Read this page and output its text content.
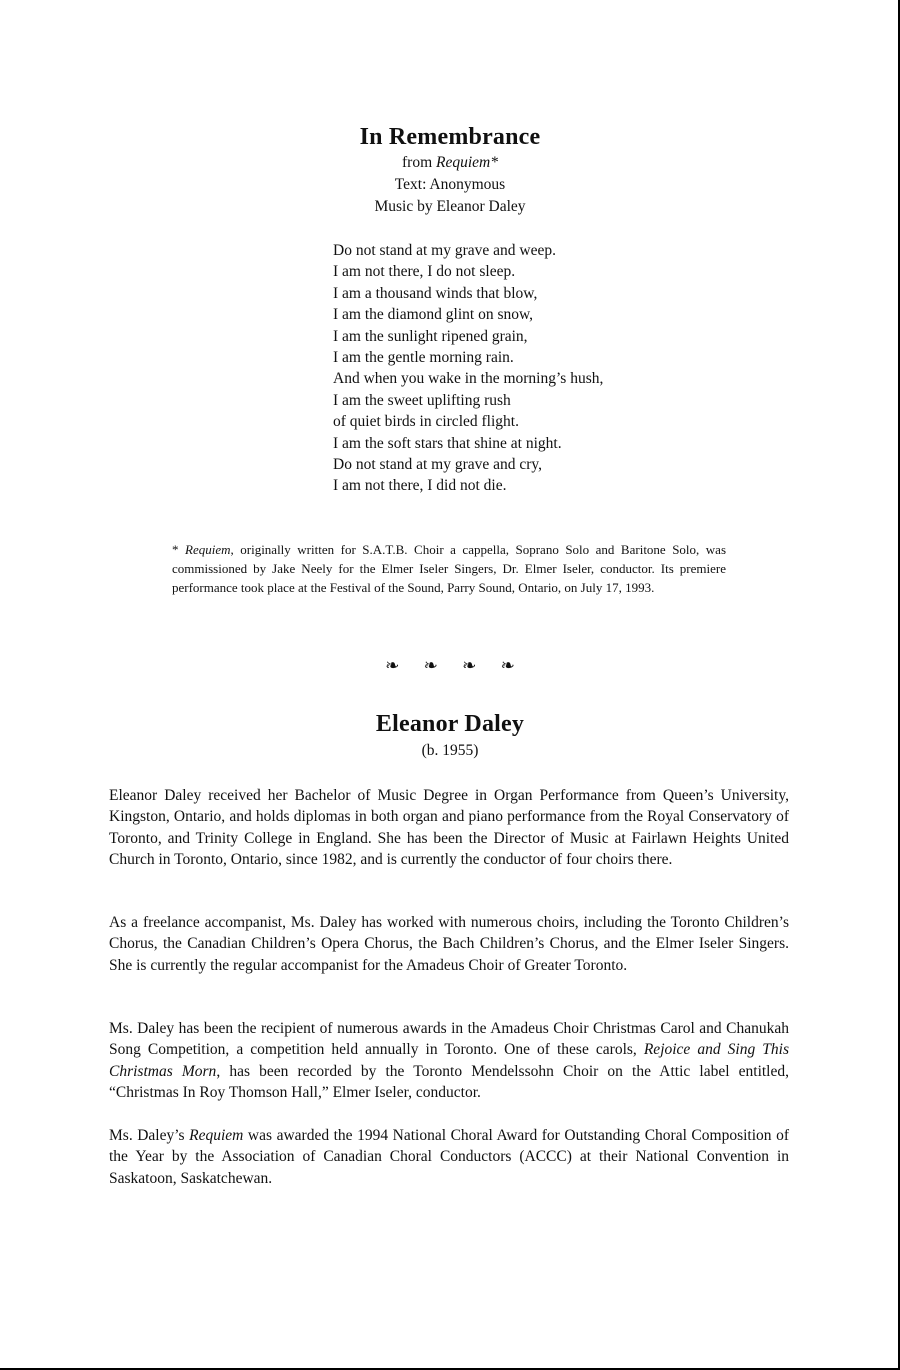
In Remembrance
from Requiem*
Text: Anonymous
Music by Eleanor Daley
Do not stand at my grave and weep.
I am not there, I do not sleep.
I am a thousand winds that blow,
I am the diamond glint on snow,
I am the sunlight ripened grain,
I am the gentle morning rain.
And when you wake in the morning’s hush,
I am the sweet uplifting rush
of quiet birds in circled flight.
I am the soft stars that shine at night.
Do not stand at my grave and cry,
I am not there, I did not die.
* Requiem, originally written for S.A.T.B. Choir a cappella, Soprano Solo and Baritone Solo, was commissioned by Jake Neely for the Elmer Iseler Singers, Dr. Elmer Iseler, conductor. Its premiere performance took place at the Festival of the Sound, Parry Sound, Ontario, on July 17, 1993.
❧ ❧ ❧ ❧
Eleanor Daley
(b. 1955)
Eleanor Daley received her Bachelor of Music Degree in Organ Performance from Queen’s University, Kingston, Ontario, and holds diplomas in both organ and piano performance from the Royal Conservatory of Toronto, and Trinity College in England. She has been the Director of Music at Fairlawn Heights United Church in Toronto, Ontario, since 1982, and is currently the conductor of four choirs there.
As a freelance accompanist, Ms. Daley has worked with numerous choirs, including the Toronto Children’s Chorus, the Canadian Children’s Opera Chorus, the Bach Children’s Chorus, and the Elmer Iseler Singers. She is currently the regular accompanist for the Amadeus Choir of Greater Toronto.
Ms. Daley has been the recipient of numerous awards in the Amadeus Choir Christmas Carol and Chanukah Song Competition, a competition held annually in Toronto. One of these carols, Rejoice and Sing This Christmas Morn, has been recorded by the Toronto Mendelssohn Choir on the Attic label entitled, “Christmas In Roy Thomson Hall,” Elmer Iseler, conductor.
Ms. Daley’s Requiem was awarded the 1994 National Choral Award for Outstanding Choral Composition of the Year by the Association of Canadian Choral Conductors (ACCC) at their National Convention in Saskatoon, Saskatchewan.
